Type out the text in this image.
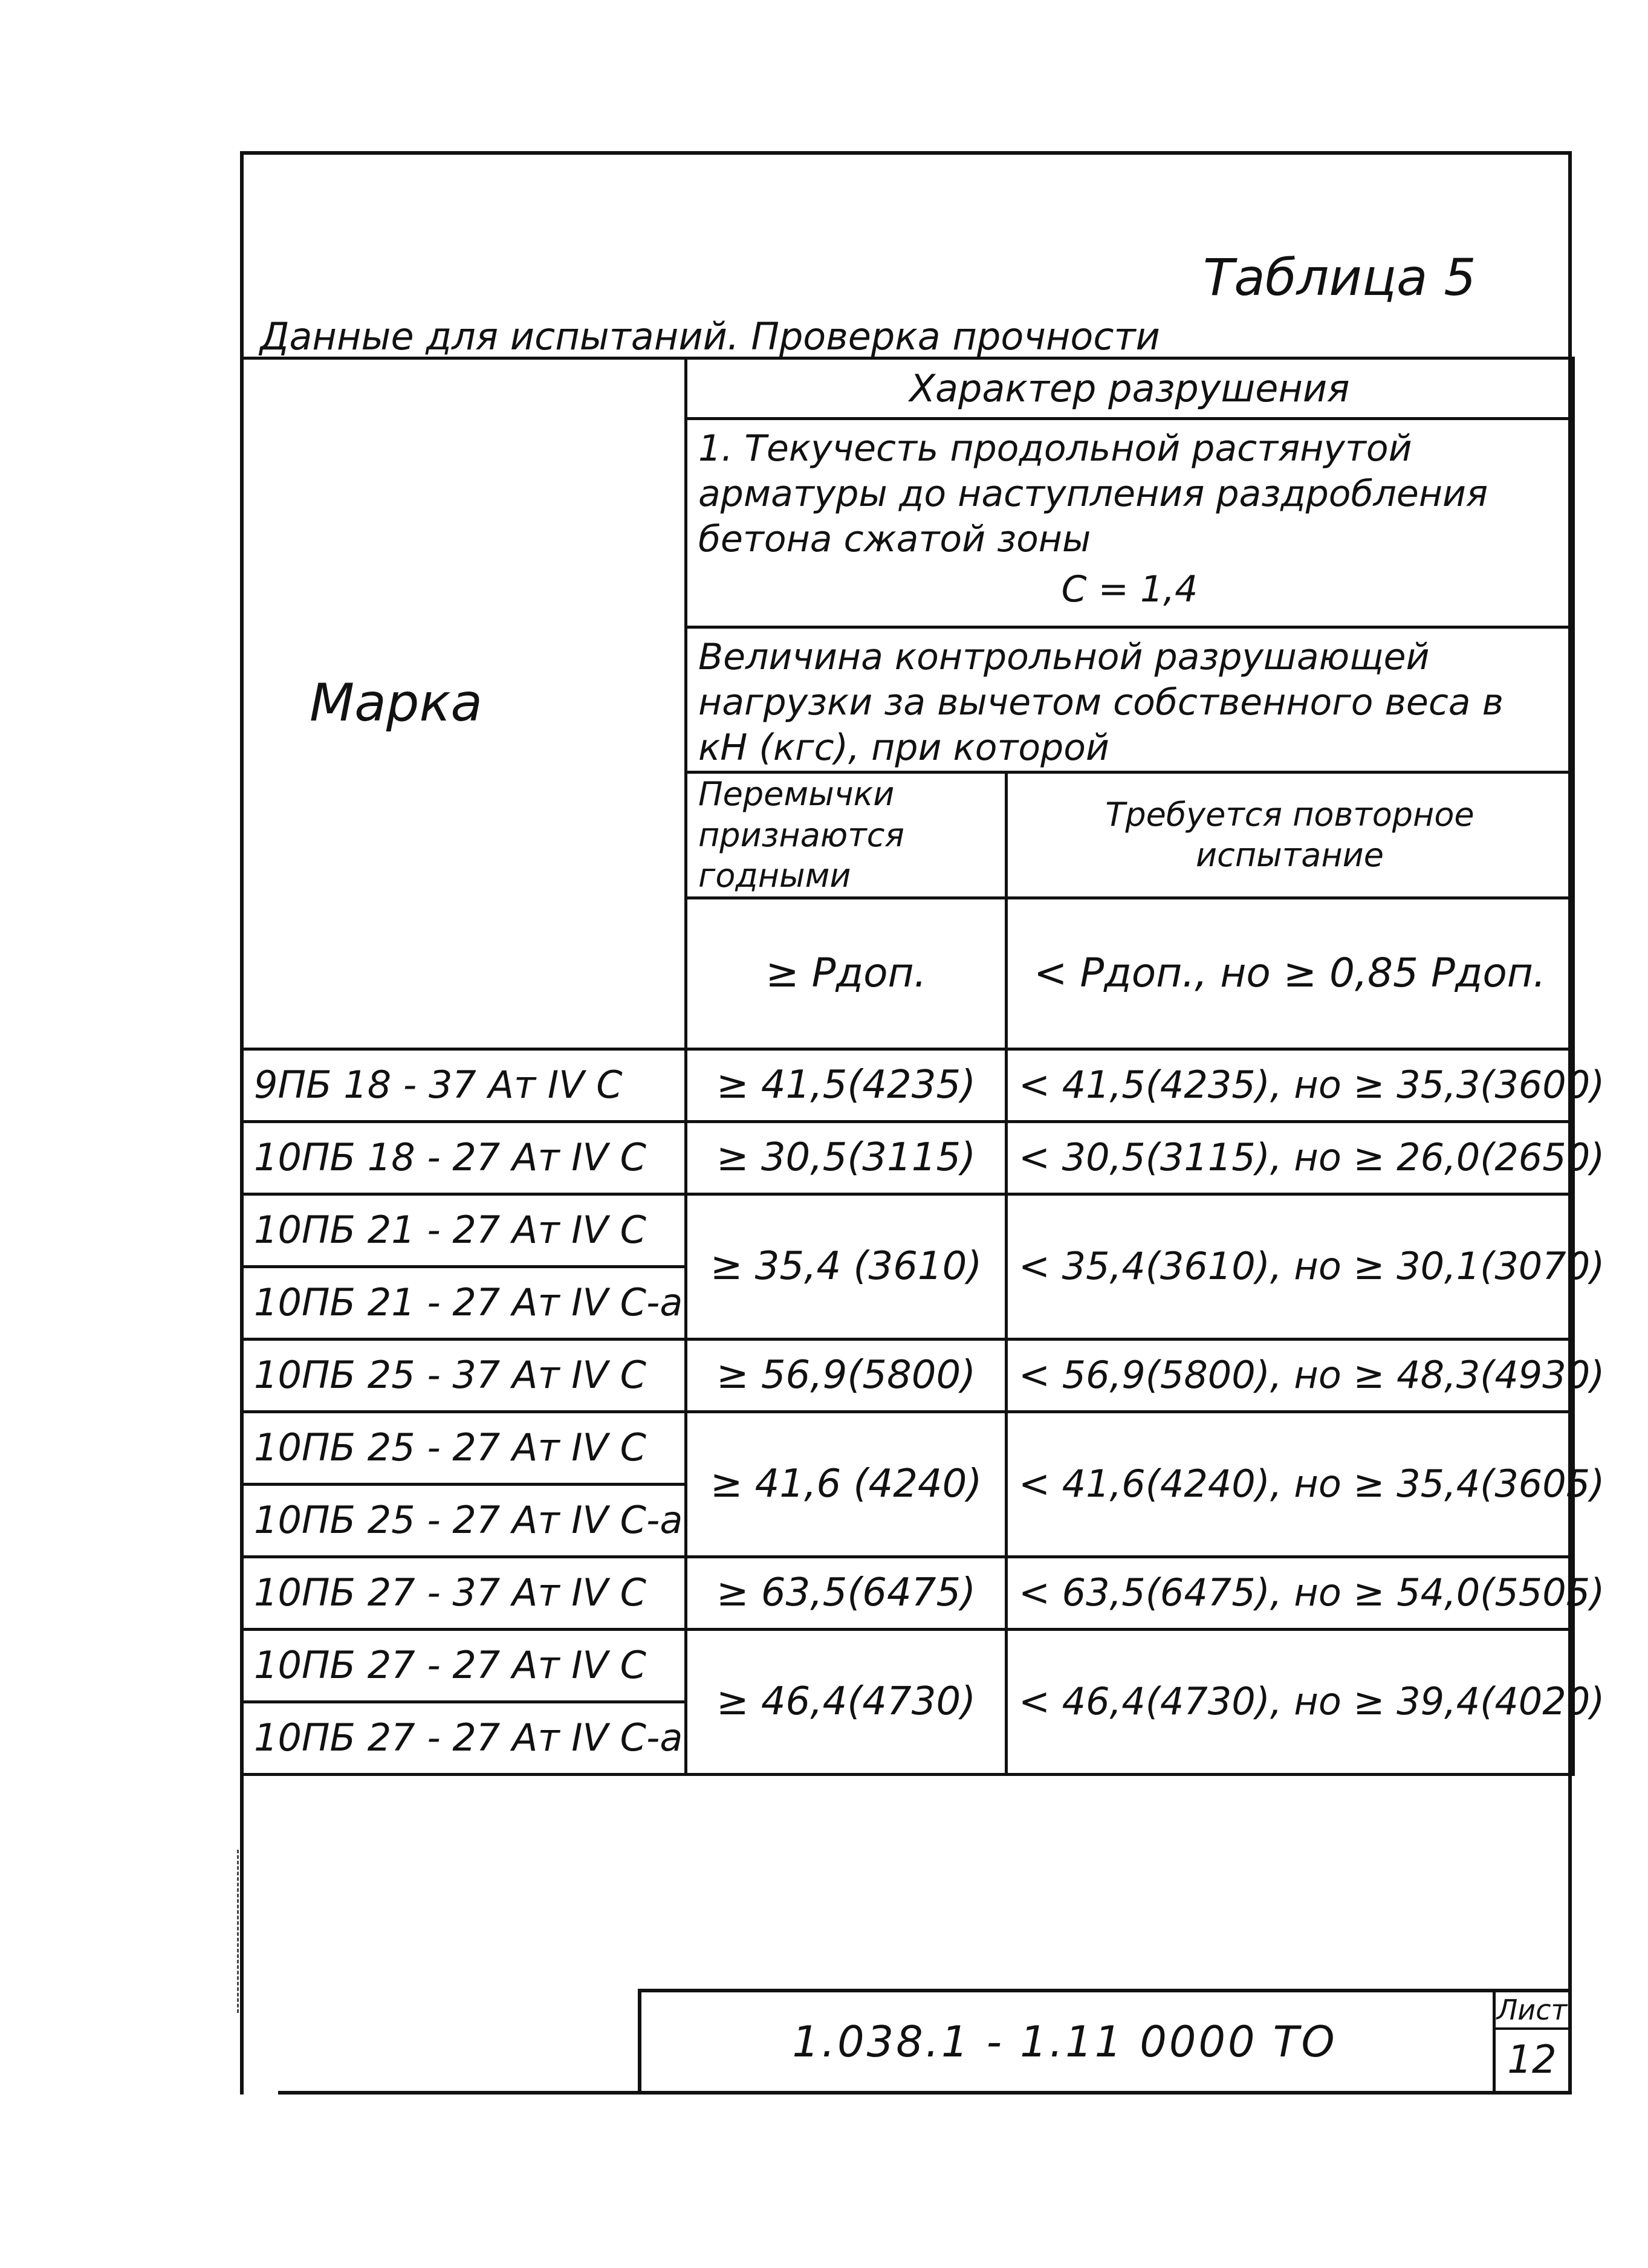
Таблица 5
Данные для испытаний. Проверка прочности
Марка	Характер разрушения	

	1. Текучесть продольной растянутой арматуры до наступления раздробления бетона сжатой зоны
С = 1,4	

	Величина контрольной разрушающей нагрузки за вычетом собственного веса в кН (кгс), при которой	
	Перемычки признаются годными	Требуется повторное испытание
	≥ Pдоп.	< Pдоп., но ≥ 0,85 Pдоп.
9ПБ 18 - 37 Ат IV С	≥ 41,5(4235)	< 41,5(4235), но ≥ 35,3(3600)
10ПБ 18 - 27 Ат IV С	≥ 30,5(3115)	< 30,5(3115), но ≥ 26,0(2650)
10ПБ 21 - 27 Ат IV С	≥ 35,4 (3610)	< 35,4(3610), но ≥ 30,1(3070)
10ПБ 21 - 27 Ат IV С-а		
10ПБ 25 - 37 Ат IV С	≥ 56,9(5800)	< 56,9(5800), но ≥ 48,3(4930)
10ПБ 25 - 27 Ат IV С	≥ 41,6 (4240)	< 41,6(4240), но ≥ 35,4(3605)
10ПБ 25 - 27 Ат IV С-а		
10ПБ 27 - 37 Ат IV С	≥ 63,5(6475)	< 63,5(6475), но ≥ 54,0(5505)
10ПБ 27 - 27 Ат IV С	≥ 46,4(4730)	< 46,4(4730), но ≥ 39,4(4020)
10ПБ 27 - 27 Ат IV С-а		
1.038.1 - 1.11 0000 ТО
Лист
12
